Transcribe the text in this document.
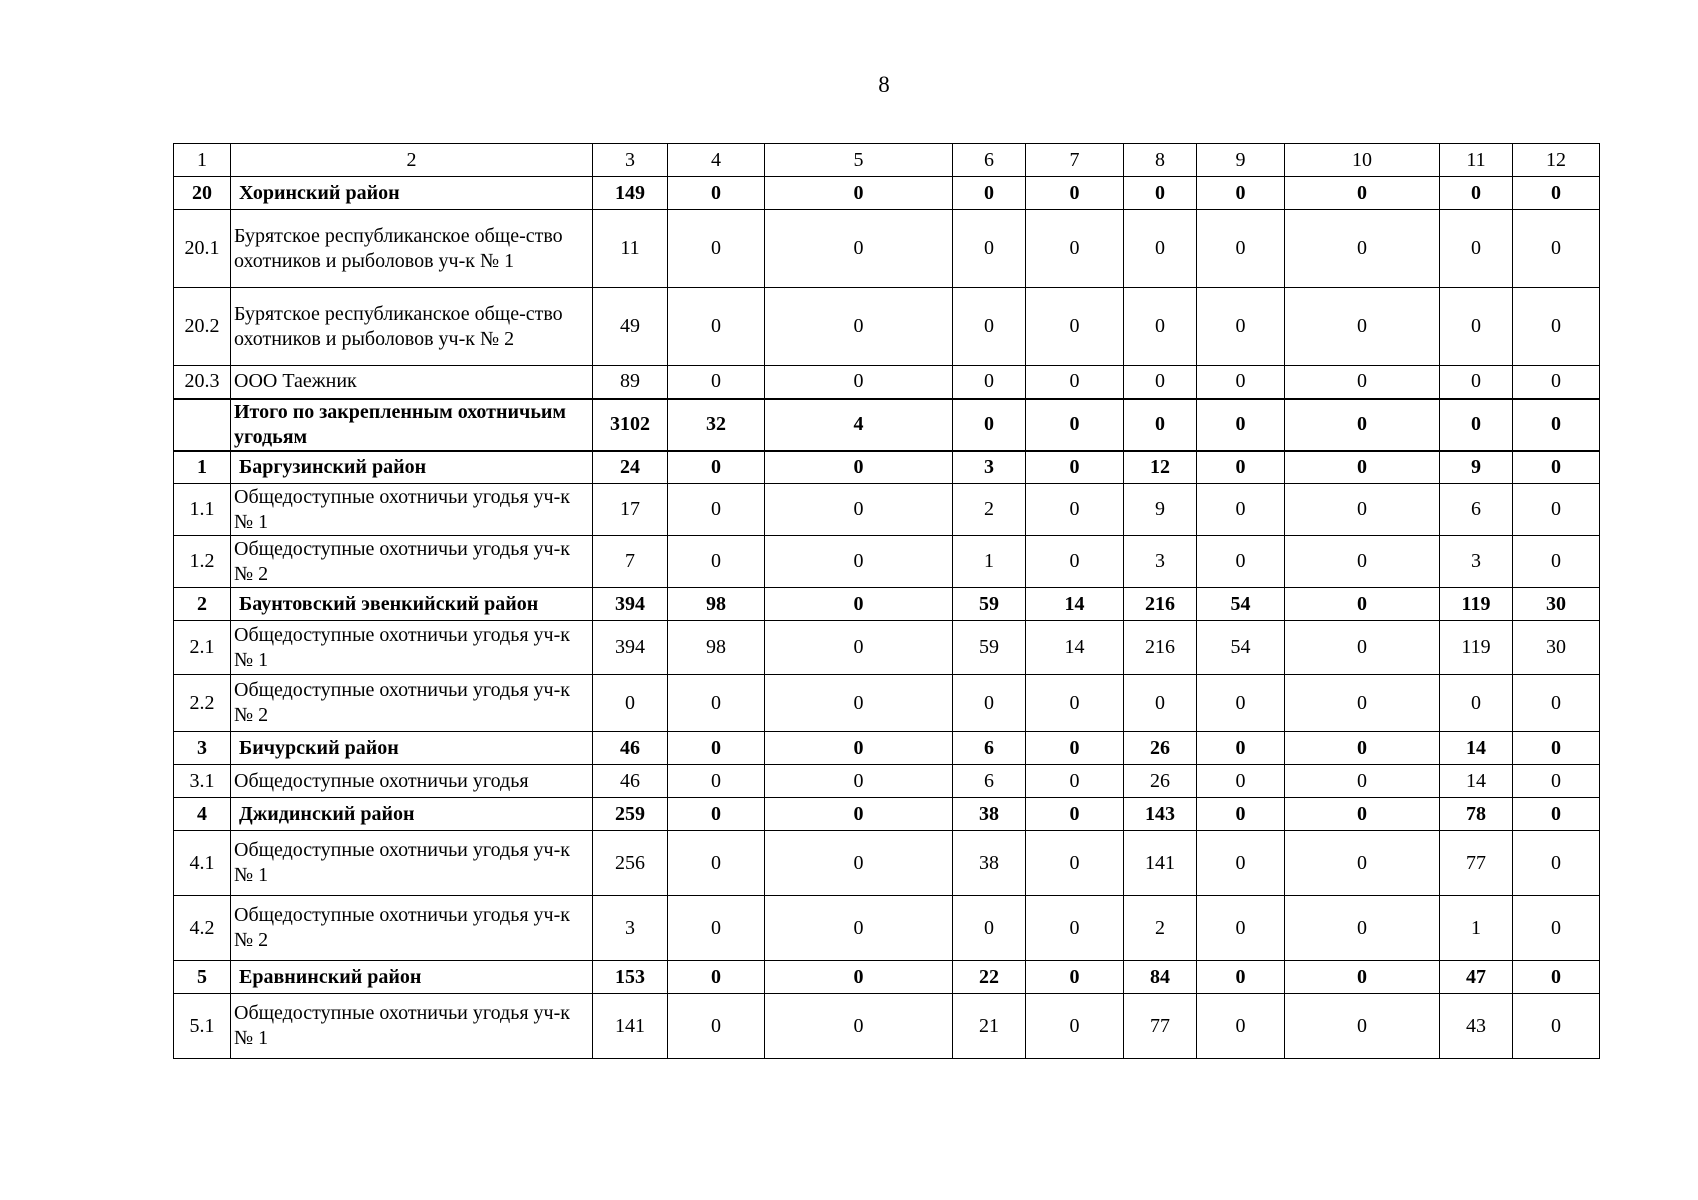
8
1	2	3	4	5	6	7	8	9	10	11	12
20	Хоринский район	149	0	0	0	0	0	0	0	0	0
20.1	Бурятское республиканское обще-ство охотников и рыболовов уч-к № 1	11	0	0	0	0	0	0	0	0	0
20.2	Бурятское республиканское обще-ство охотников и рыболовов уч-к № 2	49	0	0	0	0	0	0	0	0	0
20.3	ООО Таежник	89	0	0	0	0	0	0	0	0	0
	Итого по закрепленным охотничьим угодьям	3102	32	4	0	0	0	0	0	0	0
1	Баргузинский район	24	0	0	3	0	12	0	0	9	0
1.1	Общедоступные охотничьи угодья уч-к № 1	17	0	0	2	0	9	0	0	6	0
1.2	Общедоступные охотничьи угодья уч-к № 2	7	0	0	1	0	3	0	0	3	0
2	Баунтовский эвенкийский район	394	98	0	59	14	216	54	0	119	30
2.1	Общедоступные охотничьи угодья уч-к № 1	394	98	0	59	14	216	54	0	119	30
2.2	Общедоступные охотничьи угодья уч-к № 2	0	0	0	0	0	0	0	0	0	0
3	Бичурский район	46	0	0	6	0	26	0	0	14	0
3.1	Общедоступные охотничьи угодья	46	0	0	6	0	26	0	0	14	0
4	Джидинский район	259	0	0	38	0	143	0	0	78	0
4.1	Общедоступные охотничьи угодья уч-к № 1	256	0	0	38	0	141	0	0	77	0
4.2	Общедоступные охотничьи угодья уч-к № 2	3	0	0	0	0	2	0	0	1	0
5	Еравнинский район	153	0	0	22	0	84	0	0	47	0
5.1	Общедоступные охотничьи угодья уч-к № 1	141	0	0	21	0	77	0	0	43	0
